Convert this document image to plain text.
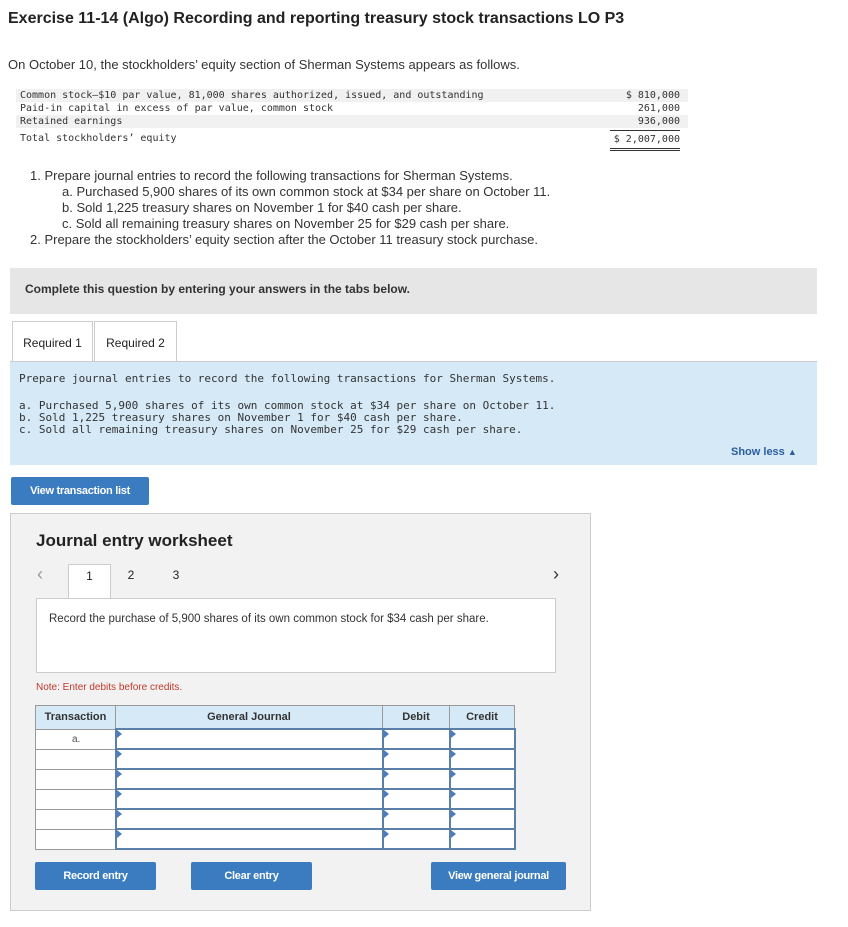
Exercise 11-14 (Algo) Recording and reporting treasury stock transactions LO P3
On October 10, the stockholders’ equity section of Sherman Systems appears as follows.
Common stock—$10 par value, 81,000 shares authorized, issued, and outstanding	$ 810,000
Paid-in capital in excess of par value, common stock	261,000
Retained earnings	936,000
Total stockholders’ equity	$ 2,007,000
1. Prepare journal entries to record the following transactions for Sherman Systems.
a. Purchased 5,900 shares of its own common stock at $34 per share on October 11.
b. Sold 1,225 treasury shares on November 1 for $40 cash per share.
c. Sold all remaining treasury shares on November 25 for $29 cash per share.
2. Prepare the stockholders’ equity section after the October 11 treasury stock purchase.
Complete this question by entering your answers in the tabs below.
Required 1	Required 2
Prepare journal entries to record the following transactions for Sherman Systems.
a. Purchased 5,900 shares of its own common stock at $34 per share on October 11.
b. Sold 1,225 treasury shares on November 1 for $40 cash per share.
c. Sold all remaining treasury shares on November 25 for $29 cash per share.
Show less ▲
View transaction list
Journal entry worksheet
‹	1	2	3	›
Record the purchase of 5,900 shares of its own common stock for $34 cash per share.
Note: Enter debits before credits.
Transaction	General Journal	Debit	Credit
a.			

Record entry	Clear entry	View general journal
